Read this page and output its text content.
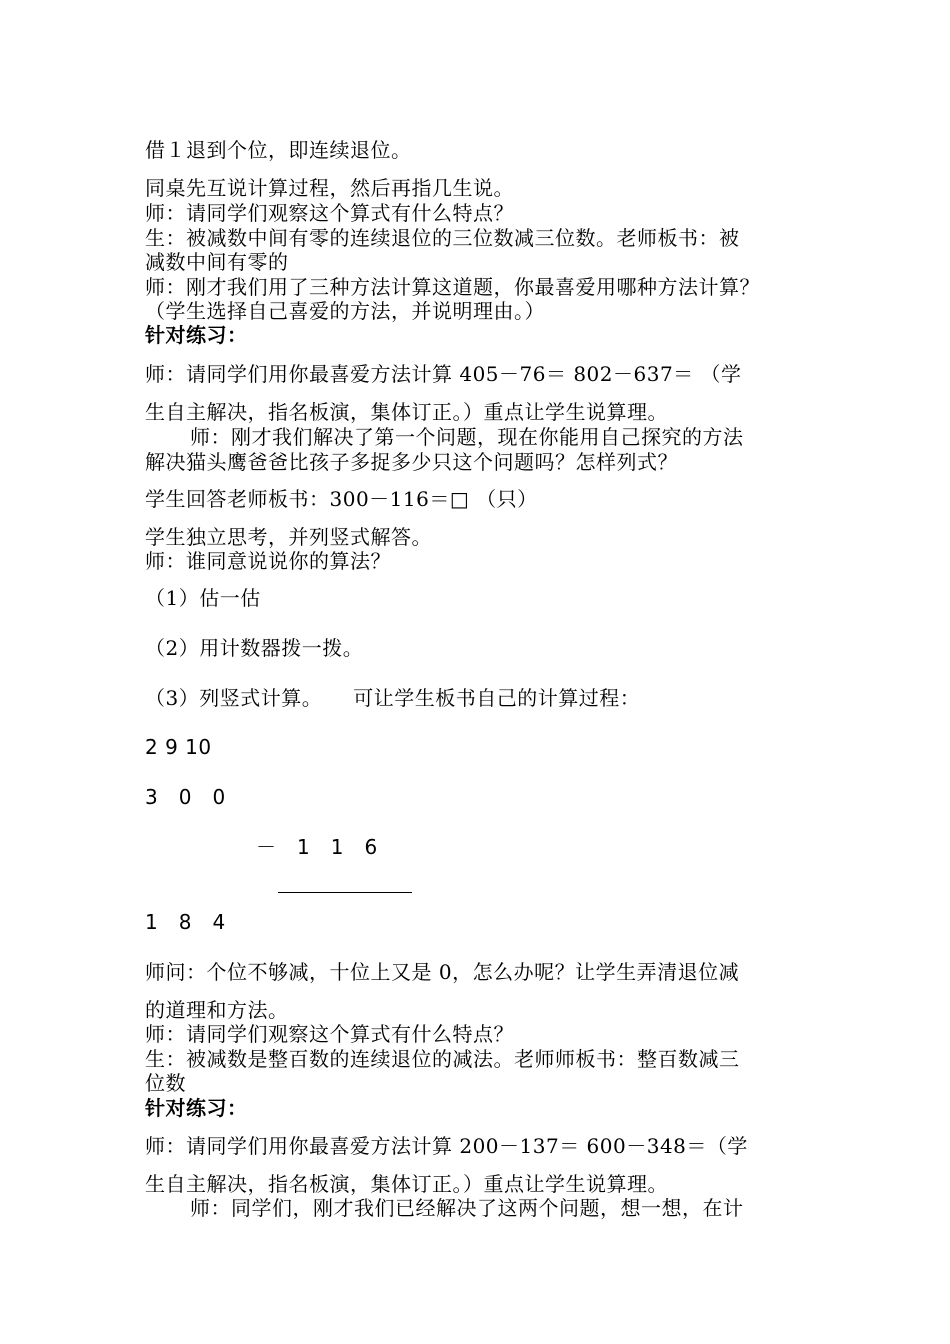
借１退到个位，即连续退位。
同桌先互说计算过程，然后再指几生说。
师：请同学们观察这个算式有什么特点？
生：被减数中间有零的连续退位的三位数减三位数。老师板书：被
减数中间有零的
师：刚才我们用了三种方法计算这道题，你最喜爱用哪种方法计算？
（学生选择自己喜爱的方法，并说明理由。）
针对练习：
师：请同学们用你最喜爱方法计算 405－76＝ 802－637＝ （学
生自主解决，指名板演，集体订正。）重点让学生说算理。
师：刚才我们解决了第一个问题，现在你能用自己探究的方法
解决猫头鹰爸爸比孩子多捉多少只这个问题吗？怎样列式？
学生回答老师板书：300－116＝□ （只）
学生独立思考，并列竖式解答。
师：谁同意说说你的算法？
（1）估一估
（2）用计数器拨一拨。
（3）列竖式计算。　　可让学生板书自己的计算过程：
2 9 10
3　0　0
－　1　1　6
1　8　4
师问：个位不够减，十位上又是 0，怎么办呢？让学生弄清退位减
的道理和方法。
师：请同学们观察这个算式有什么特点？
生：被减数是整百数的连续退位的减法。老师师板书：整百数减三
位数
针对练习：
师：请同学们用你最喜爱方法计算 200－137＝ 600－348＝（学
生自主解决，指名板演，集体订正。）重点让学生说算理。
师：同学们，刚才我们已经解决了这两个问题，想一想，在计
